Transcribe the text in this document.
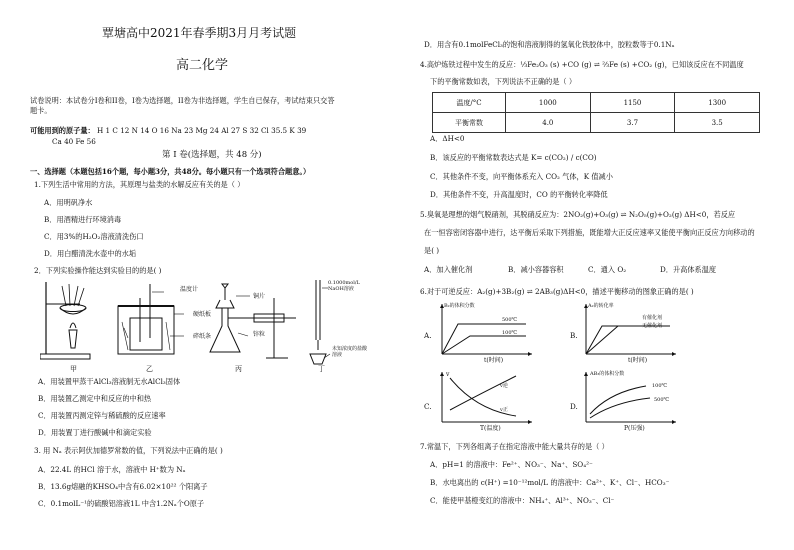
覃塘高中2021年春季期3月月考试题
高二化学
试卷说明：本试卷分I卷和II卷，I卷为选择题，II卷为非选择题，学生自已保存，考试结束只交答
题卡。
可能用到的原子量： H 1 C 12 N 14 O 16 Na 23 Mg 24 Al 27 S 32 Cl 35.5 K 39
Ca 40 Fe 56
第 I 卷(选择题，共 48 分)
一、选择题（本题包括16个题，每小题3分，共48分。每小题只有一个选项符合题意。）
1.下列生活中常用的方法，其原理与盐类的水解反应有关的是（ ）
A．用明矾净水
B．用酒精进行环境消毒
C．用3%的H₂O₂溶液清洗伤口
D．用白醋清洗水壶中的水垢
2．下列实验操作能达到实验目的的是( )
温度计
硬纸板
碎纸条
铜片
锌粒
0.1000mol/L NaOH溶液
未知浓度的盐酸溶液
甲	乙	丙	丁
A．用装置甲蒸干AlCl₃溶液制无水AlCl₃固体
B．用装置乙测定中和反应的中和热
C．用装置丙测定锌与稀硫酸的反应速率
D．用装置丁进行酸碱中和滴定实验
3. 用 Nₐ 表示阿伏加德罗常数的值，下列说法中正确的是( )
A．22.4L 的HCl 溶于水，溶液中 H⁺数为 Nₐ
B．13.6g熔融的KHSO₄中含有6.02×10²² 个阳离子
C．0.1molL⁻¹的硫酸铝溶液1L 中含1.2Nₐ个O原子
D．用含有0.1molFeCl₃的饱和溶液制得的氢氧化铁胶体中，胶粒数等于0.1Nₐ
4.高炉炼铁过程中发生的反应：⅓Fe₂O₃ (s) +CO (g) ⇌ ⅔Fe (s) +CO₂ (g)，已知该反应在不同温度
下的平衡常数如表，下列说法不正确的是（ ）
温度/°C	1000	1150	1300
平衡常数	4.0	3.7	3.5
A．ΔH<0
B．该反应的平衡常数表达式是 K= c(CO₂) / c(CO)
C．其他条件不变，向平衡体系充入 CO₂ 气体，K 值减小
D．其他条件不变，升高温度时，CO 的平衡转化率降低
5.臭氧是理想的烟气脱硝剂，其脱硝反应为：2NO₂(g)+O₃(g) ⇌ N₂O₅(g)+O₂(g) ΔH<0，若反应
在一恒容密闭容器中进行，达平衡后采取下列措施，既能增大正反应速率又能使平衡向正反应方向移动的
是( )
A．加入催化剂	B．减小容器容积	C．通入 O₂	D．升高体系温度
6.对于可逆反应：A₂(g)+3B₂(g) ⇌ 2AB₃(g)ΔH<0，描述平衡移动的图象正确的是( )
A.
B₂的体积分数
500℃
100℃
t(时间)
B.
A₂的转化率
有催化剂
无催化剂
t(时间)
C.
v
v逆
v正
T(温度)
D.
AB₃的体积分数
100℃
500℃
P(压强)
7.常温下，下列各组离子在指定溶液中能大量共存的是（ ）
A．pH=1 的溶液中：Fe²⁺、NO₃⁻、Na⁺、SO₄²⁻
B．水电离出的 c(H⁺) =10⁻¹²mol/L 的溶液中：Ca²⁺、K⁺、Cl⁻、HCO₃⁻
C．能使甲基橙变红的溶液中：NH₄⁺、Al³⁺、NO₃⁻、Cl⁻
